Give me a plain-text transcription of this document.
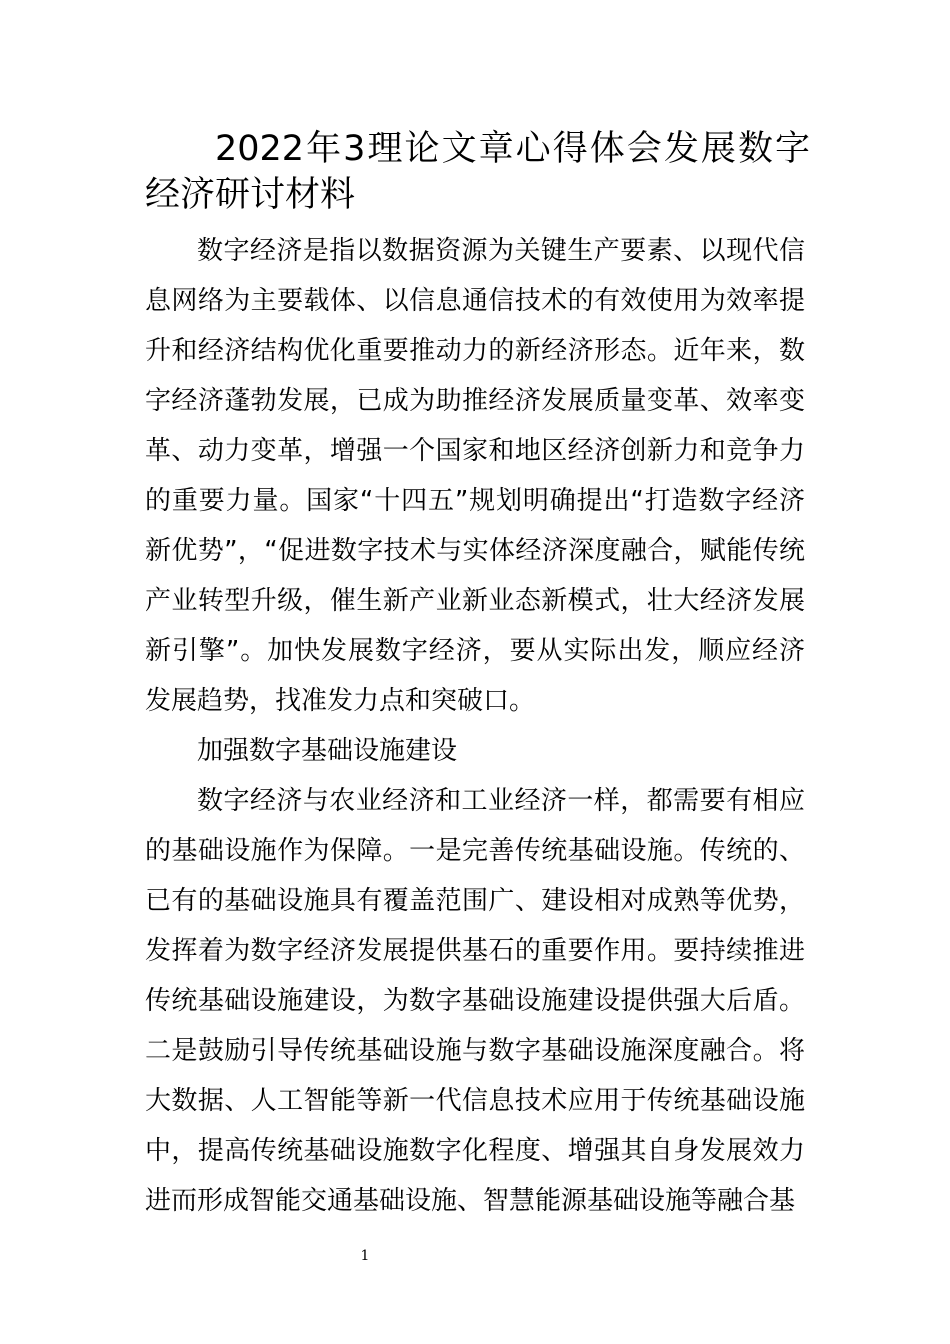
2022年3理论文章心得体会发展数字经济研讨材料

数字经济是指以数据资源为关键生产要素、以现代信息网络为主要载体、以信息通信技术的有效使用为效率提升和经济结构优化重要推动力的新经济形态。近年来，数字经济蓬勃发展，已成为助推经济发展质量变革、效率变革、动力变革，增强一个国家和地区经济创新力和竞争力的重要力量。国家“十四五”规划明确提出“打造数字经济新优势”，“促进数字技术与实体经济深度融合，赋能传统产业转型升级，催生新产业新业态新模式，壮大经济发展新引擎”。加快发展数字经济，要从实际出发，顺应经济发展趋势，找准发力点和突破口。

加强数字基础设施建设

数字经济与农业经济和工业经济一样，都需要有相应的基础设施作为保障。一是完善传统基础设施。传统的、已有的基础设施具有覆盖范围广、建设相对成熟等优势，发挥着为数字经济发展提供基石的重要作用。要持续推进传统基础设施建设，为数字基础设施建设提供强大后盾。二是鼓励引导传统基础设施与数字基础设施深度融合。将大数据、人工智能等新一代信息技术应用于传统基础设施中，提高传统基础设施数字化程度、增强其自身发展效力进而形成智能交通基础设施、智慧能源基础设施等融合基

1
